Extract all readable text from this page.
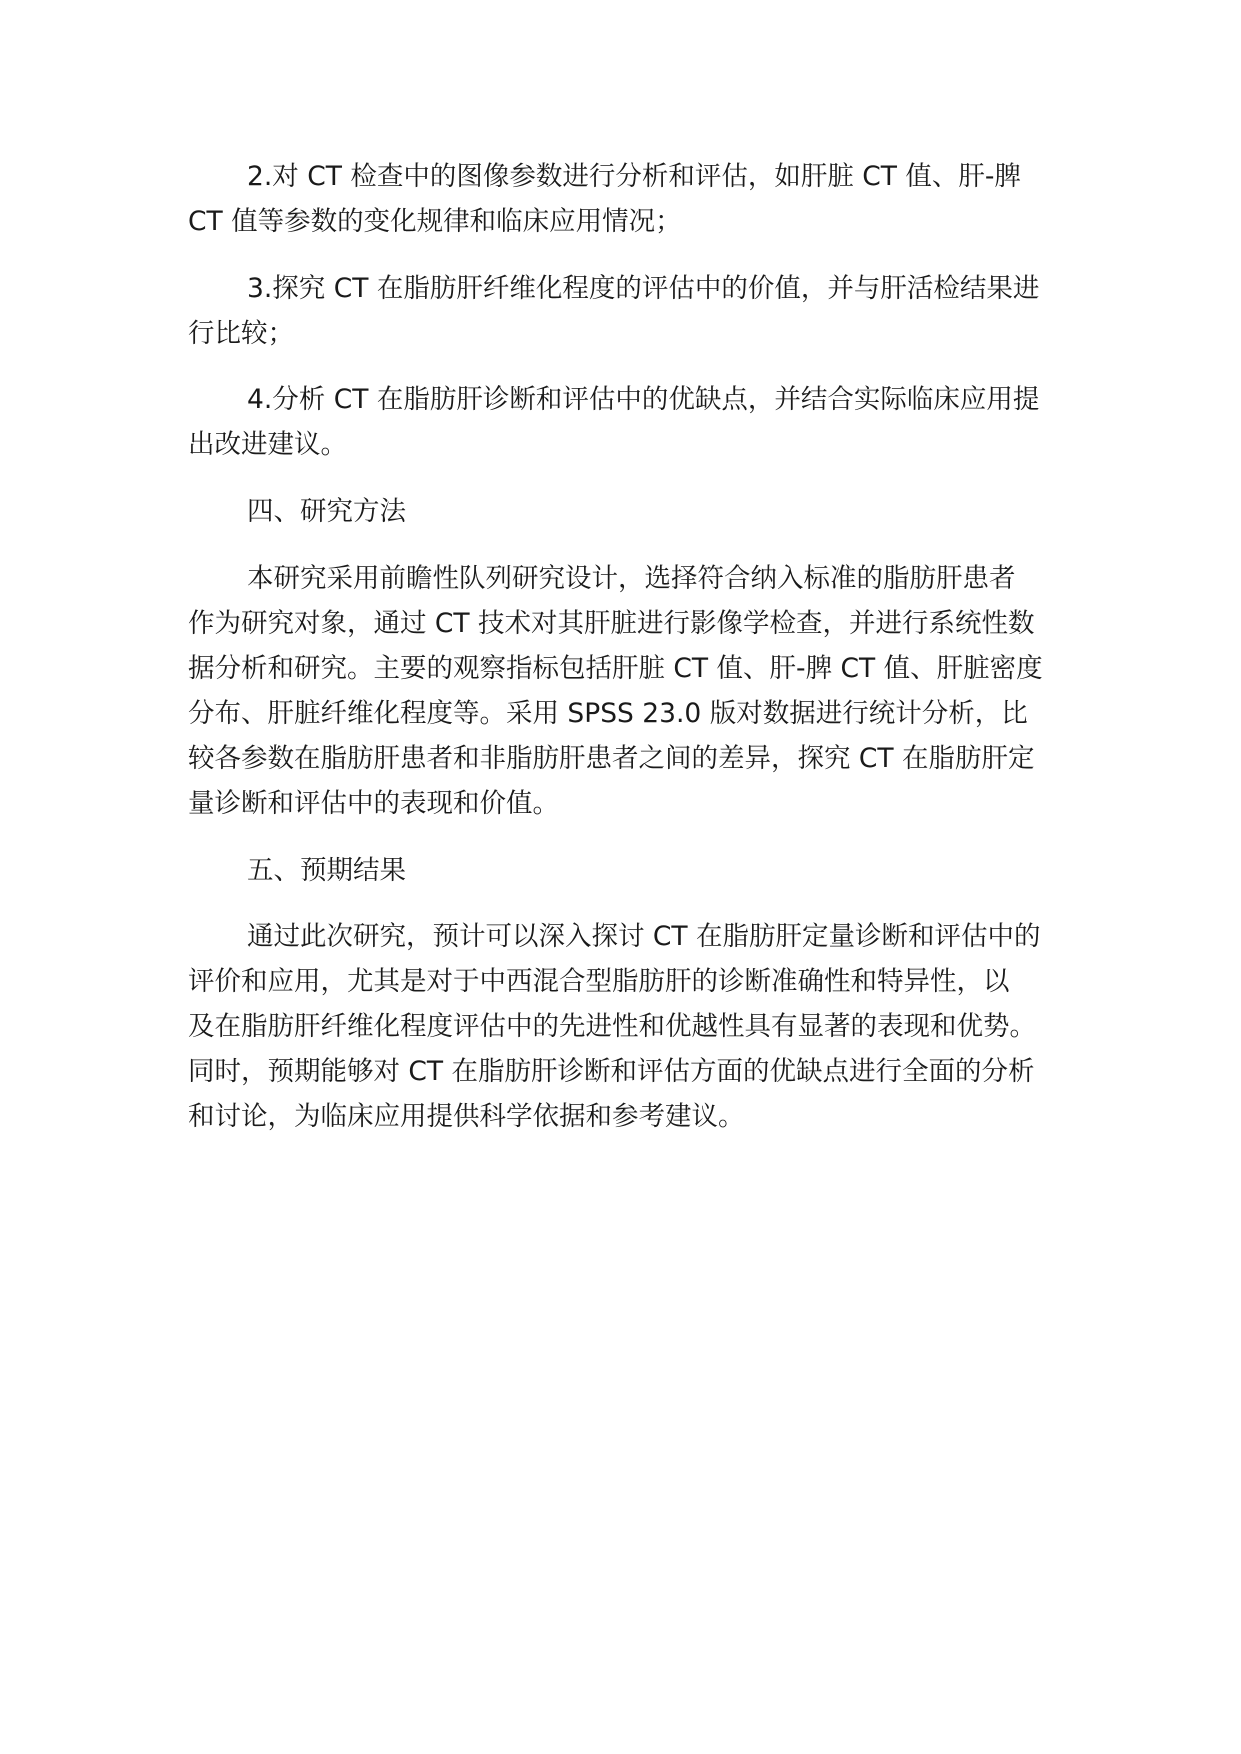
2.对 CT 检查中的图像参数进行分析和评估，如肝脏 CT 值、肝-脾
CT 值等参数的变化规律和临床应用情况；
3.探究 CT 在脂肪肝纤维化程度的评估中的价值，并与肝活检结果进
行比较；
4.分析 CT 在脂肪肝诊断和评估中的优缺点，并结合实际临床应用提
出改进建议。
四、研究方法
本研究采用前瞻性队列研究设计，选择符合纳入标准的脂肪肝患者
作为研究对象，通过 CT 技术对其肝脏进行影像学检查，并进行系统性数
据分析和研究。主要的观察指标包括肝脏 CT 值、肝-脾 CT 值、肝脏密度
分布、肝脏纤维化程度等。采用 SPSS 23.0 版对数据进行统计分析，比
较各参数在脂肪肝患者和非脂肪肝患者之间的差异，探究 CT 在脂肪肝定
量诊断和评估中的表现和价值。
五、预期结果
通过此次研究，预计可以深入探讨 CT 在脂肪肝定量诊断和评估中的
评价和应用，尤其是对于中西混合型脂肪肝的诊断准确性和特异性，以
及在脂肪肝纤维化程度评估中的先进性和优越性具有显著的表现和优势。
同时，预期能够对 CT 在脂肪肝诊断和评估方面的优缺点进行全面的分析
和讨论，为临床应用提供科学依据和参考建议。
